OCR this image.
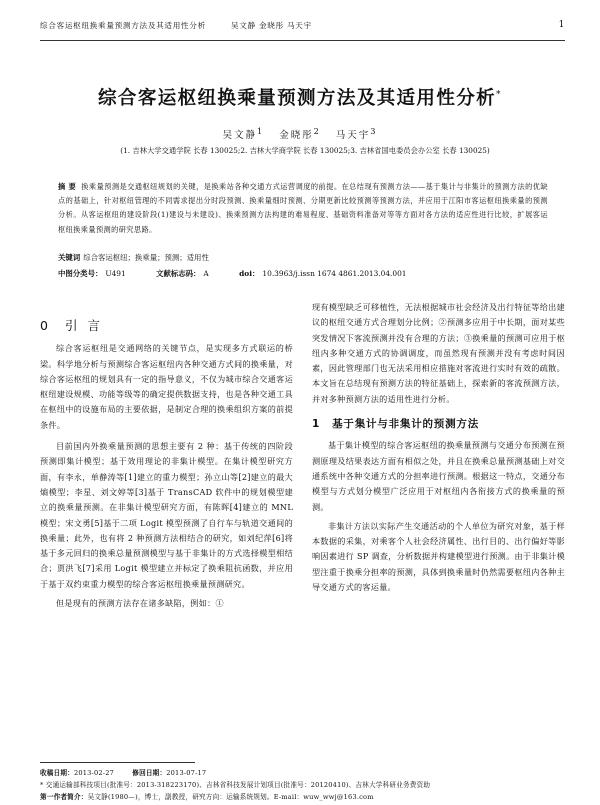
综合客运枢纽换乘量预测方法及其适用性分析	吴文静 金晓彤 马天宇	1
综合客运枢纽换乘量预测方法及其适用性分析*
吴文静$^1$ 金晓彤$^2$ 马天宇$^3$
(1. 吉林大学交通学院 长春 130025;2. 吉林大学商学院 长春 130025;3. 吉林省国电委员会办公室 长春 130025)
摘 要 换乘量预测是交通枢纽规划的关键，是换乘站各种交通方式运营调度的前提。在总结现有预测方法——基于集计与非集计的预测方法的优缺点的基础上，针对枢纽管理的不同需求提出分时段预测、换乘量细时预测、分期更新比较预测等预测方法，并应用于江阳市客运枢纽换乘量的预测分析。从客运枢纽的建设阶段(1)建设与未建设)、换乘预测方法构建的难易程度、基础资料准备对等等方面对各方法的适应性进行比较，扩展客运枢纽换乘量预测的研究思路。
关键词 综合客运枢纽；换乘量；预测；适用性
中图分类号： U491	文献标志码： A	doi： 10.3963/j.issn 1674 4861.2013.04.001
0 引 言

综合客运枢纽是交通网络的关键节点，是实现多方式联运的桥梁。科学地分析与预测综合客运枢纽内各种交通方式间的换乘量，对综合客运枢纽的规划具有一定的指导意义，不仅为城市综合交通客运枢纽建设规模、功能等级等的确定提供数据支持，也是各种交通工具在枢纽中的设施布局的主要依据，是制定合理的换乘组织方案的前提条件。

目前国内外换乘量预测的思想主要有 2 种：基于传统的四阶段预测即集计模型；基于效用理论的非集计模型。在集计模型研究方面，有李永，单静涛等[1]建立的重力模型；孙立山等[2]建立的最大熵模型；李星、刘文婷等[3]基于 TransCAD 软件中的规划模型建立的换乘量预测。在非集计模型研究方面，有陈晖[4]建立的 MNL 模型；宋文勇[5]基于二项 Logit 模型预测了自行车与轨道交通间的换乘量；此外，也有将 2 种预测方法相结合的研究，如刘纪萍[6]将基于多元回归的换乘总量预测模型与基于非集计的方式选择模型相结合；贾洪飞[7]采用 Logit 模型建立并标定了换乘阻抗函数，并应用于基于双约束重力模型的综合客运枢纽换乘量预测研究。

但是现有的预测方法存在诸多缺陷，例如：①

现有模型缺乏可移植性，无法根据城市社会经济及出行特征等给出建议的枢纽交通方式合理划分比例；②预测多应用于中长期，面对某些突发情况下客流预测并没有合理的方法；③换乘量的预测可应用于枢纽内多种交通方式的协调调度，而虽然现有预测并没有考虑时间因素，因此管理部门也无法采用相应措施对客流进行实时有效的疏散。本文旨在总结现有预测方法的特征基础上，探索新的客流预测方法，并对多种预测方法的适用性进行分析。

1 基于集计与非集计的预测方法

基于集计模型的综合客运枢纽的换乘量预测与交通分布预测在预测原理及结果表达方面有相似之处，并且在换乘总量预测基础上对交通系统中各种交通方式的分担率进行预测。根据这一特点，交通分布模型与方式划分模型广泛应用于对枢纽内各衔接方式的换乘量的预测。

非集计方法以实际产生交通活动的个人单位为研究对象，基于样本数据的采集，对乘客个人社会经济属性、出行目的、出行偏好等影响因素进行 SP 调查，分析数据并构建模型进行预测。由于非集计模型注重于换乘分担率的预测，具体到换乘量时仍然需要枢纽内各种主导交通方式的客运量。

收稿日期：2013-02-27	修回日期：2013-07-17
* 交通运输部科技项目(批准号：2013-318223170)、吉林省科技发展计划项目(批准号：20120410)、吉林大学科研业务费资助
第一作者简介：吴文静(1980—)，博士，副教授，研究方向：运输系统规划。E-mail：wuw_wwj@163.com
